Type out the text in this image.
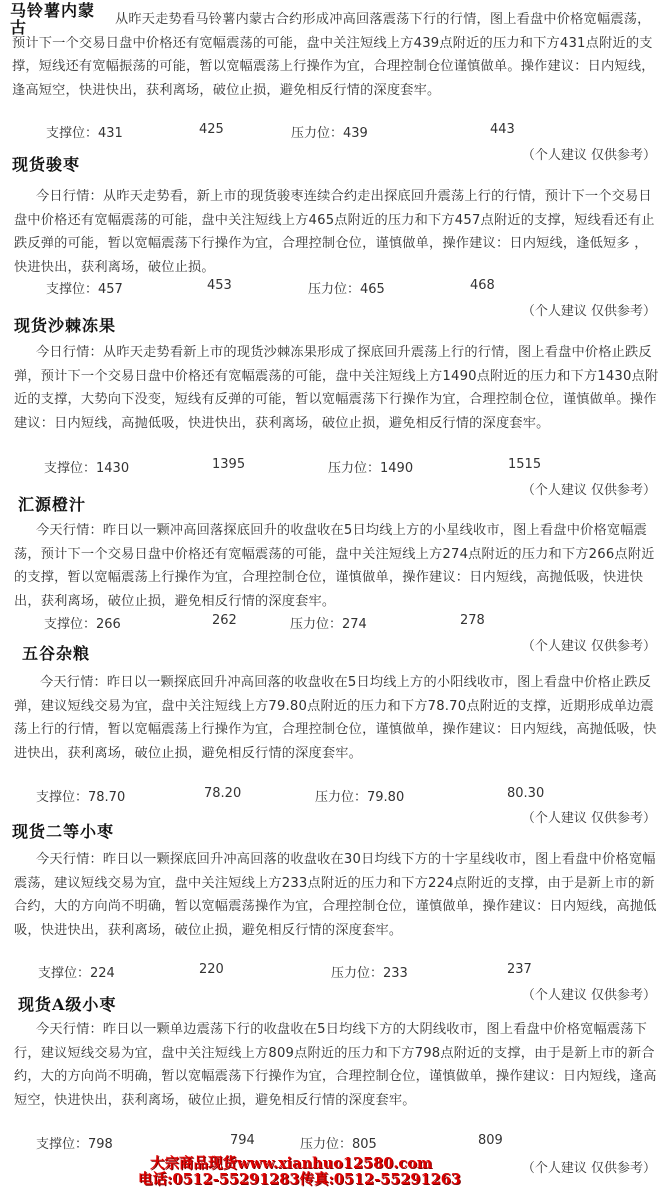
马铃薯内蒙古	从昨天走势看马铃薯内蒙古合约形成冲高回落震荡下行的行情，图上看盘中价格宽幅震荡，预计下一个交易日盘中价格还有宽幅震荡的可能，盘中关注短线上方439点附近的压力和下方431点附近的支撑，短线还有宽幅振荡的可能，暂以宽幅震荡上行操作为宜，合理控制仓位谨慎做单。操作建议：日内短线，逢高短空，快进快出，获利离场，破位止损，避免相反行情的深度套牢。
支撑位：431	425	压力位：439	443
（个人建议 仅供参考）
现货骏枣
今日行情：从昨天走势看，新上市的现货骏枣连续合约走出探底回升震荡上行的行情，预计下一个交易日盘中价格还有宽幅震荡的可能，盘中关注短线上方465点附近的压力和下方457点附近的支撑，短线看还有止跌反弹的可能，暂以宽幅震荡下行操作为宜，合理控制仓位，谨慎做单，操作建议：日内短线，逢低短多 ，快进快出，获利离场，破位止损。
支撑位：457	453	压力位：465	468
（个人建议 仅供参考）
现货沙棘冻果
今日行情：从昨天走势看新上市的现货沙棘冻果形成了探底回升震荡上行的行情，图上看盘中价格止跌反弹，预计下一个交易日盘中价格还有宽幅震荡的可能，盘中关注短线上方1490点附近的压力和下方1430点附近的支撑，大势向下没变，短线有反弹的可能，暂以宽幅震荡下行操作为宜，合理控制仓位，谨慎做单。操作建议：日内短线，高抛低吸，快进快出，获利离场，破位止损，避免相反行情的深度套牢。
支撑位：1430	1395	压力位：1490	1515
（个人建议 仅供参考）
汇源橙汁
今天行情：昨日以一颗冲高回落探底回升的收盘收在5日均线上方的小星线收市，图上看盘中价格宽幅震荡，预计下一个交易日盘中价格还有宽幅震荡的可能，盘中关注短线上方274点附近的压力和下方266点附近的支撑，暂以宽幅震荡上行操作为宜，合理控制仓位，谨慎做单，操作建议：日内短线，高抛低吸，快进快出，获利离场，破位止损，避免相反行情的深度套牢。
支撑位：266	262	压力位：274	278
（个人建议 仅供参考）
五谷杂粮
今天行情：昨日以一颗探底回升冲高回落的收盘收在5日均线上方的小阳线收市，图上看盘中价格止跌反弹，建议短线交易为宜，盘中关注短线上方79.80点附近的压力和下方78.70点附近的支撑，近期形成单边震荡上行的行情，暂以宽幅震荡上行操作为宜，合理控制仓位，谨慎做单，操作建议：日内短线，高抛低吸，快进快出，获利离场，破位止损，避免相反行情的深度套牢。
支撑位：78.70	78.20	压力位：79.80	80.30
（个人建议 仅供参考）
现货二等小枣
今天行情：昨日以一颗探底回升冲高回落的收盘收在30日均线下方的十字星线收市，图上看盘中价格宽幅震荡，建议短线交易为宜，盘中关注短线上方233点附近的压力和下方224点附近的支撑，由于是新上市的新合约，大的方向尚不明确，暂以宽幅震荡操作为宜，合理控制仓位，谨慎做单，操作建议：日内短线，高抛低吸，快进快出，获利离场，破位止损，避免相反行情的深度套牢。
支撑位：224	220	压力位：233	237
（个人建议 仅供参考）
现货A级小枣
今天行情：昨日以一颗单边震荡下行的收盘收在5日均线下方的大阴线收市，图上看盘中价格宽幅震荡下行，建议短线交易为宜，盘中关注短线上方809点附近的压力和下方798点附近的支撑，由于是新上市的新合约，大的方向尚不明确，暂以宽幅震荡下行操作为宜，合理控制仓位，谨慎做单，操作建议：日内短线，逢高短空，快进快出，获利离场，破位止损，避免相反行情的深度套牢。
支撑位：798	794	压力位：805	809
大宗商品现货www.xianhuo12580.com
电话:0512-55291283传真:0512-55291263
（个人建议 仅供参考）
